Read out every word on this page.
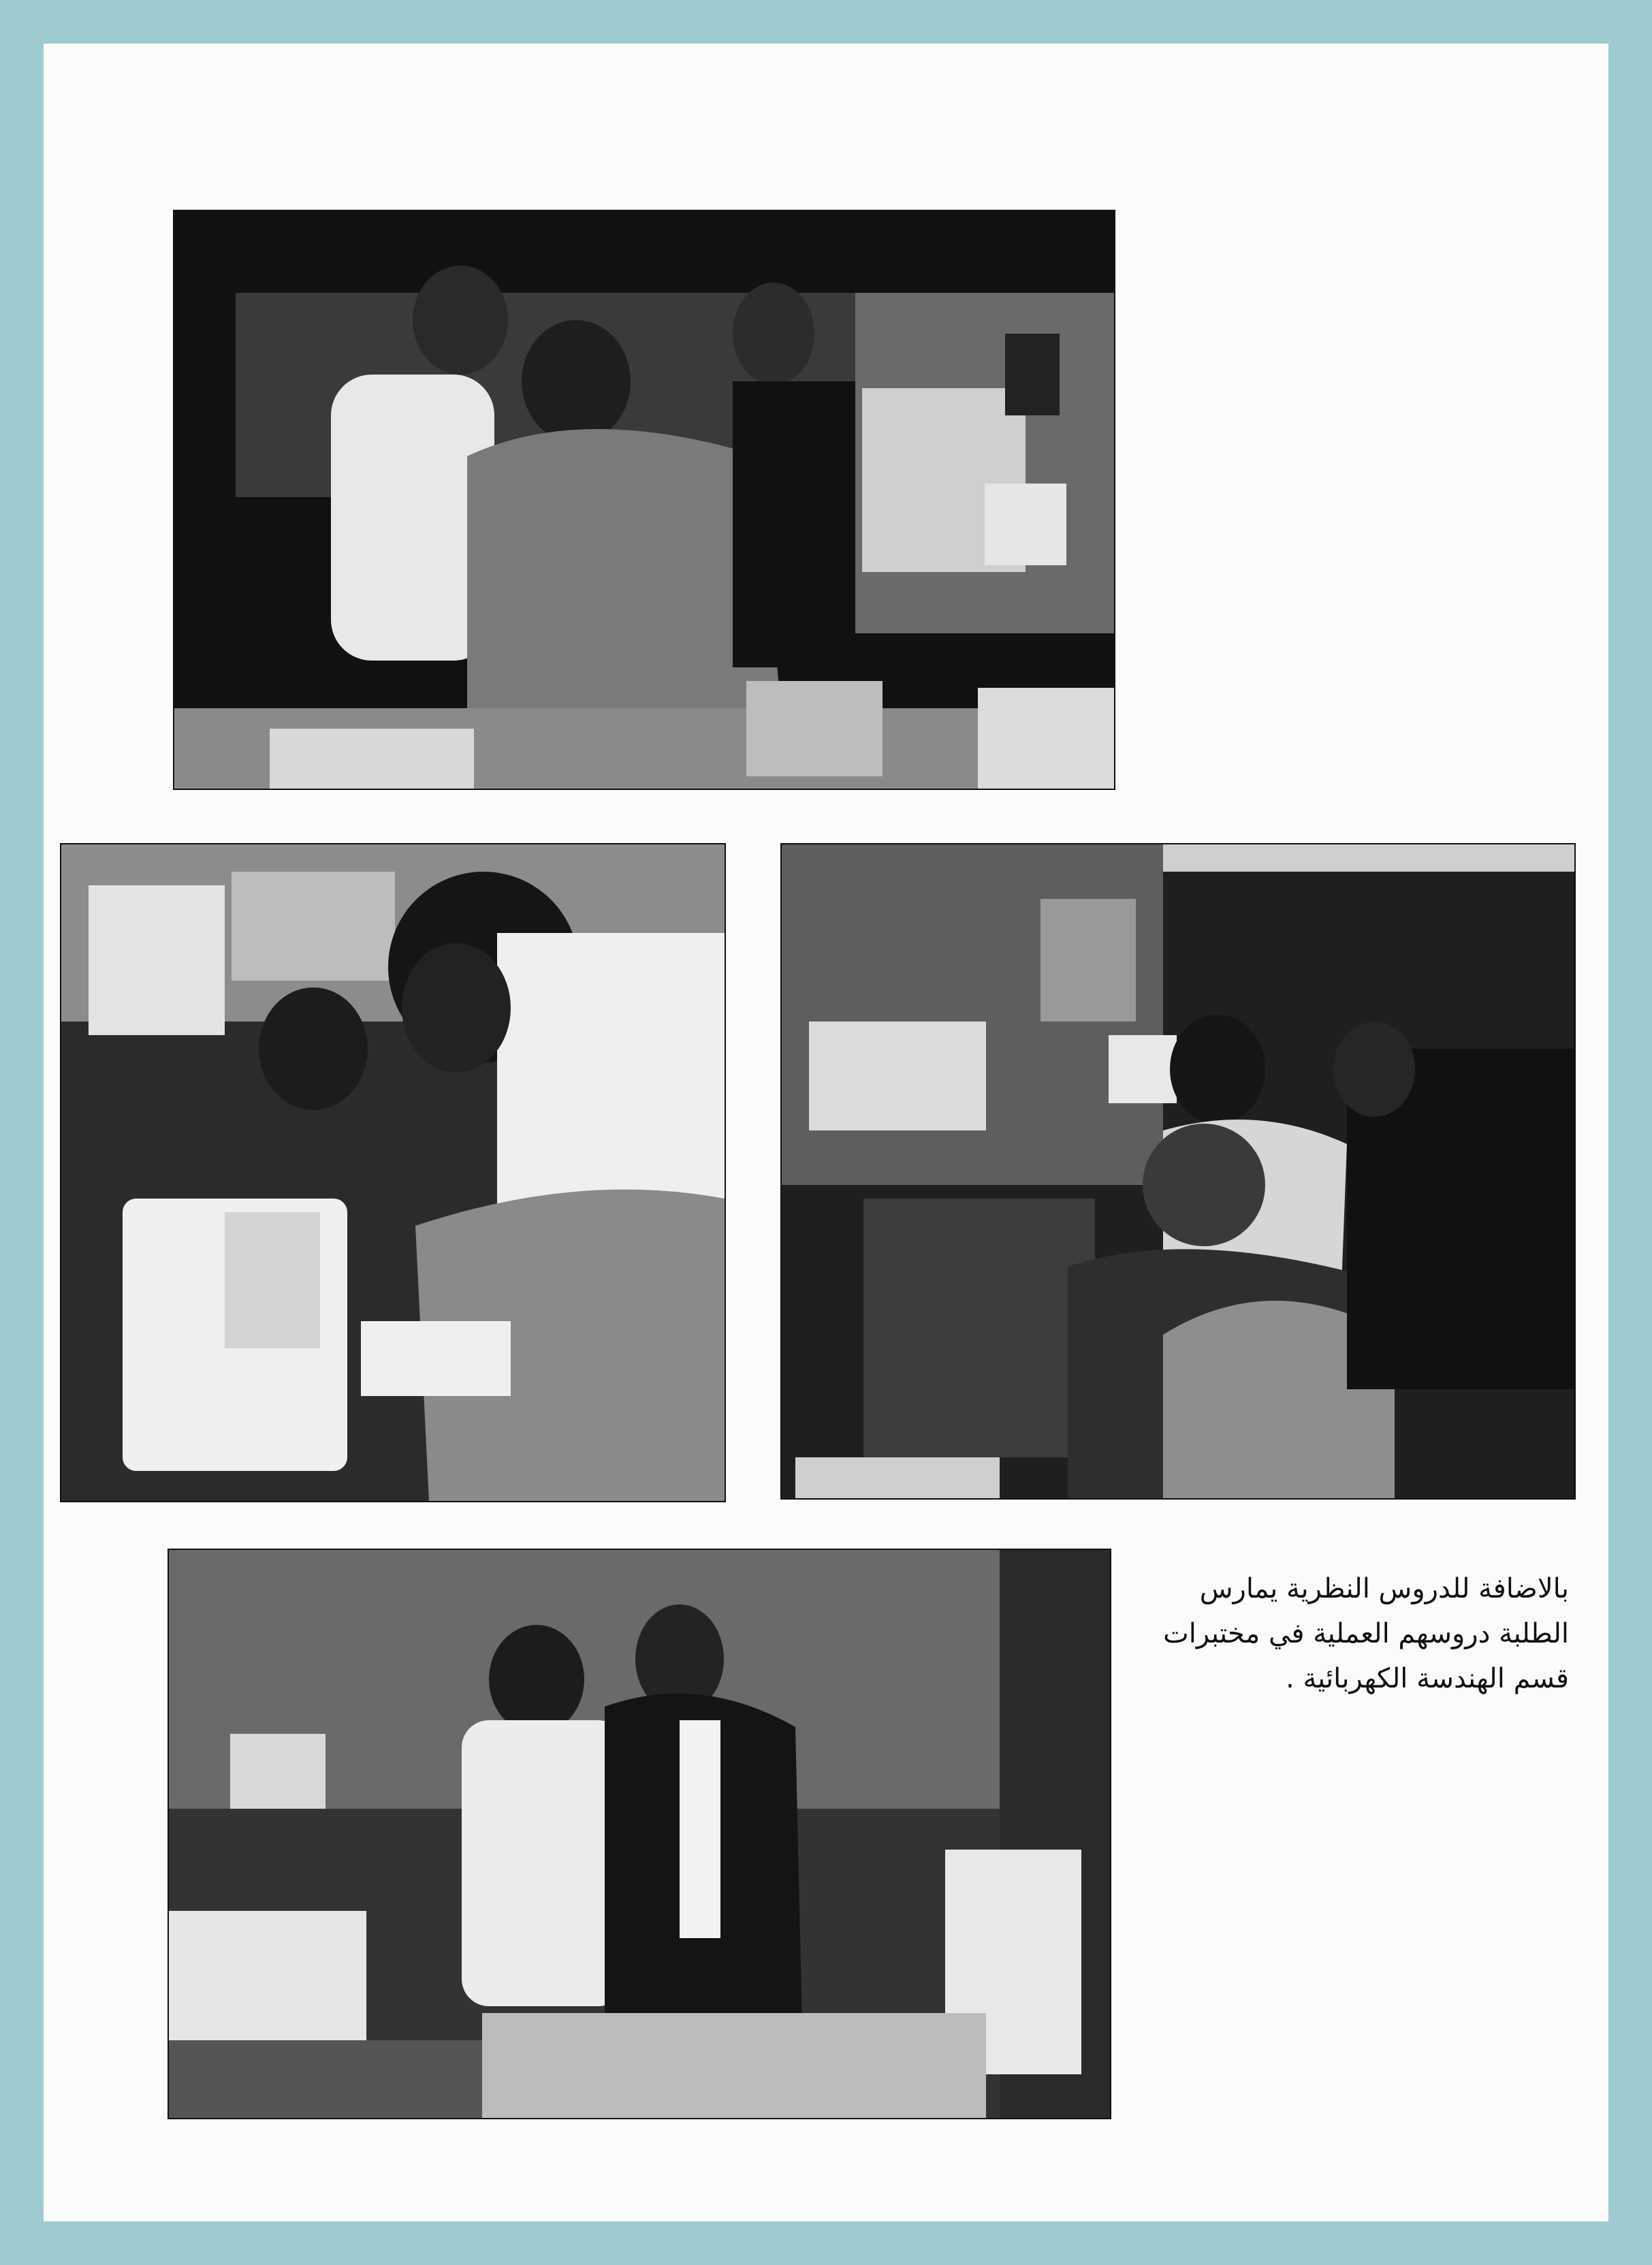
بالاضافة للدروس النظرية يمارس
الطلبة دروسهم العملية في مختبرات
قسم الهندسة الكهربائية .
